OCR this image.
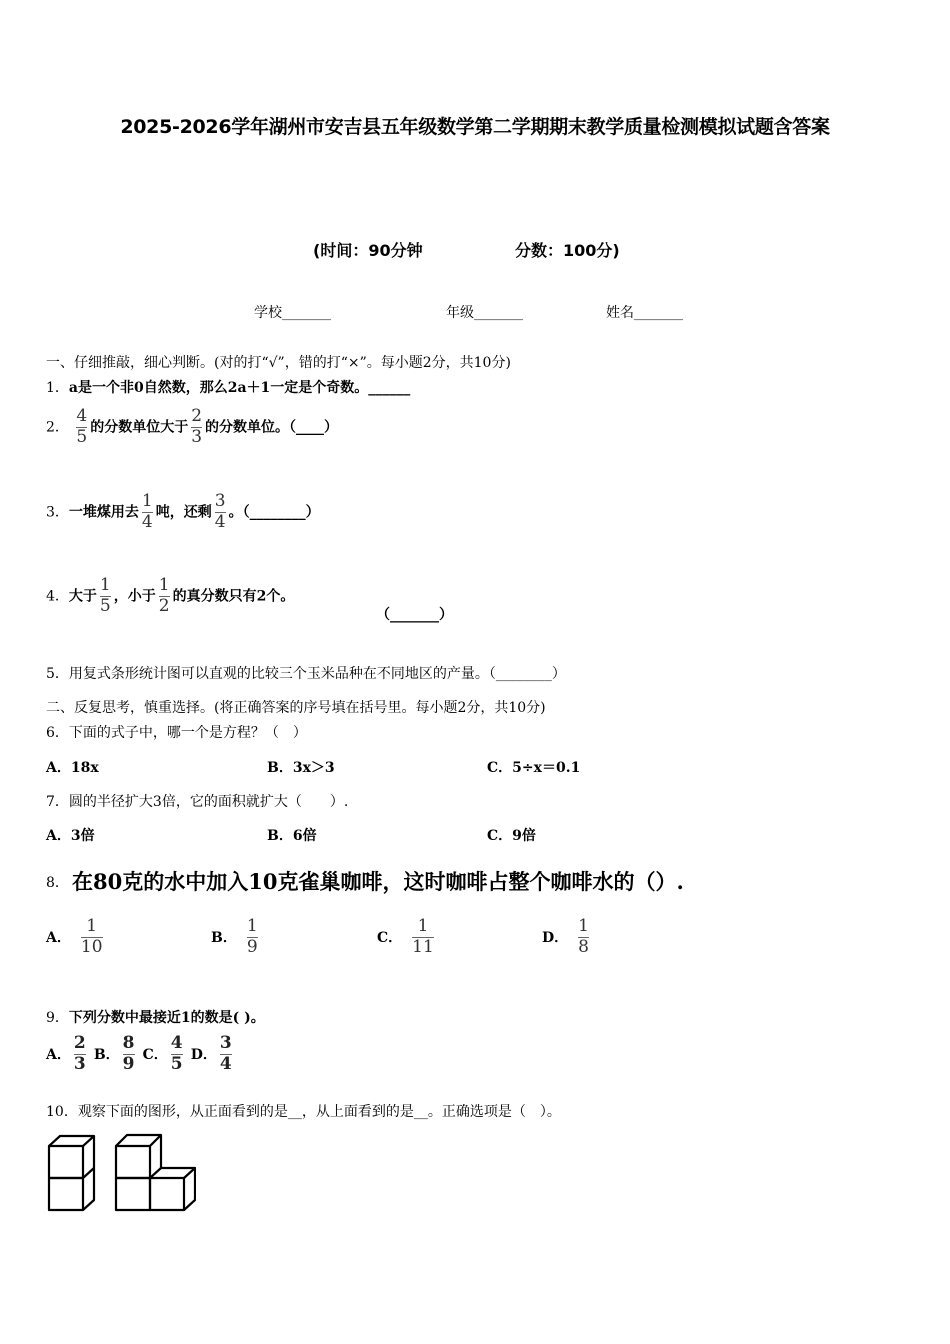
2025-2026学年湖州市安吉县五年级数学第二学期期末教学质量检测模拟试题含答案
(时间：90分钟	分数：100分)
学校_______	年级_______	姓名_______
一、仔细推敲，细心判断。(对的打“√”，错的打“×”。每小题2分，共10分)
1．a是一个非0自然数，那么2a＋1一定是个奇数。______
2． $\frac{4}{5}$ 的分数单位大于 $\frac{2}{3}$ 的分数单位。（____）
3．一堆煤用去 $\frac{1}{4}$ 吨，还剩 $\frac{3}{4}$ 。（________）
4．大于 $\frac{1}{5}$ ，小于 $\frac{1}{2}$ 的真分数只有2个。
（_______）
5．用复式条形统计图可以直观的比较三个玉米品种在不同地区的产量。（________）
二、反复思考，慎重选择。(将正确答案的序号填在括号里。每小题2分，共10分)
6．下面的式子中，哪一个是方程？（　）
A．18x	B．3x＞3	C．5÷x＝0.1
7．圆的半径扩大3倍，它的面积就扩大（　　）.
A．3倍	B．6倍	C．9倍
8． 在80克的水中加入10克雀巢咖啡，这时咖啡占整个咖啡水的（）.
A． $\frac{1}{10}$	B． $\frac{1}{9}$	C． $\frac{1}{11}$	D． $\frac{1}{8}$
9．下列分数中最接近1的数是( )。
A． $\frac{2}{3}$ B． $\frac{8}{9}$ C． $\frac{4}{5}$ D． $\frac{3}{4}$
10．观察下面的图形，从正面看到的是__，从上面看到的是__。正确选项是（　）。
